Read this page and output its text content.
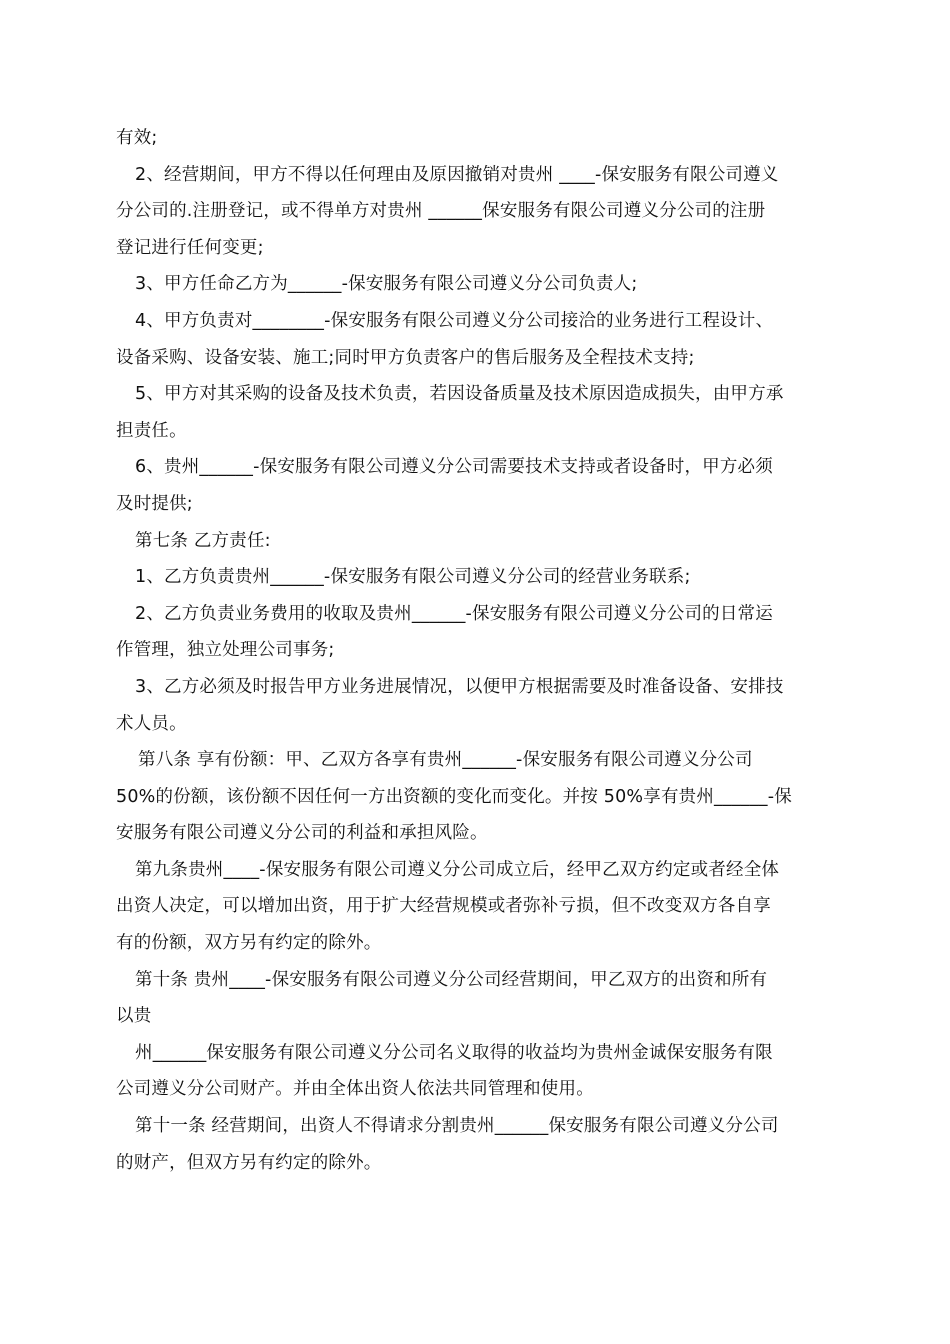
有效;
2、经营期间，甲方不得以任何理由及原因撤销对贵州 ____-保安服务有限公司遵义
分公司的.注册登记，或不得单方对贵州 ______保安服务有限公司遵义分公司的注册
登记进行任何变更;
3、甲方任命乙方为______-保安服务有限公司遵义分公司负责人;
4、甲方负责对________-保安服务有限公司遵义分公司接洽的业务进行工程设计、
设备采购、设备安装、施工;同时甲方负责客户的售后服务及全程技术支持;
5、甲方对其采购的设备及技术负责，若因设备质量及技术原因造成损失，由甲方承
担责任。
6、贵州______-保安服务有限公司遵义分公司需要技术支持或者设备时，甲方必须
及时提供;
第七条 乙方责任:
1、乙方负责贵州______-保安服务有限公司遵义分公司的经营业务联系;
2、乙方负责业务费用的收取及贵州______-保安服务有限公司遵义分公司的日常运
作管理，独立处理公司事务;
3、乙方必须及时报告甲方业务进展情况，以便甲方根据需要及时准备设备、安排技
术人员。
第八条 享有份额：甲、乙双方各享有贵州______-保安服务有限公司遵义分公司
50%的份额，该份额不因任何一方出资额的变化而变化。并按 50%享有贵州______-保
安服务有限公司遵义分公司的利益和承担风险。
第九条贵州____-保安服务有限公司遵义分公司成立后，经甲乙双方约定或者经全体
出资人决定，可以增加出资，用于扩大经营规模或者弥补亏损，但不改变双方各自享
有的份额，双方另有约定的除外。
第十条 贵州____-保安服务有限公司遵义分公司经营期间，甲乙双方的出资和所有
以贵
州______保安服务有限公司遵义分公司名义取得的收益均为贵州金诚保安服务有限
公司遵义分公司财产。并由全体出资人依法共同管理和使用。
第十一条 经营期间，出资人不得请求分割贵州______保安服务有限公司遵义分公司
的财产，但双方另有约定的除外。
